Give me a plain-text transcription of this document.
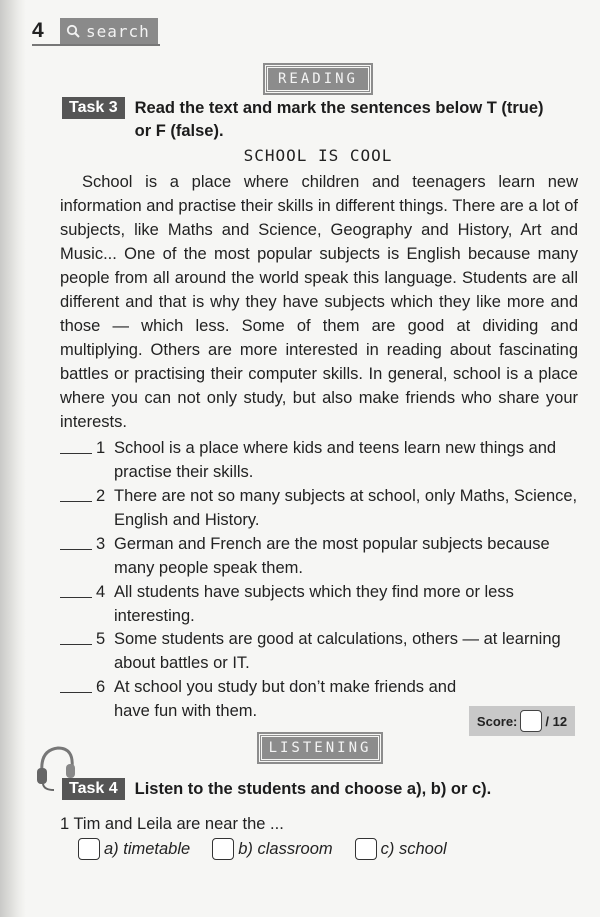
4	search
READING
Task 3	Read the text and mark the sentences below T (true)
or F (false).
SCHOOL IS COOL

School is a place where children and teenagers learn new information and practise their skills in different things. There are a lot of subjects, like Maths and Science, Geography and History, Art and Music... One of the most popular subjects is English because many people from all around the world speak this language. Students are all different and that is why they have subjects which they like more and those — which less. Some of them are good at dividing and multiplying. Others are more interested in reading about fascinating battles or practising their computer skills. In general, school is a place where you can not only study, but also make friends who share your interests.

1 School is a place where kids and teens learn new things and practise their skills.
2 There are not so many subjects at school, only Maths, Science, English and History.
3 German and French are the most popular subjects because many people speak them.
4 All students have subjects which they find more or less interesting.
5 Some students are good at calculations, others — at learning about battles or IT.
6 At school you study but don’t make friends and have fun with them.
Score: / 12
LISTENING
Task 4	Listen to the students and choose a), b) or c).
1 Tim and Leila are near the ...
a) timetable	b) classroom	c) school
